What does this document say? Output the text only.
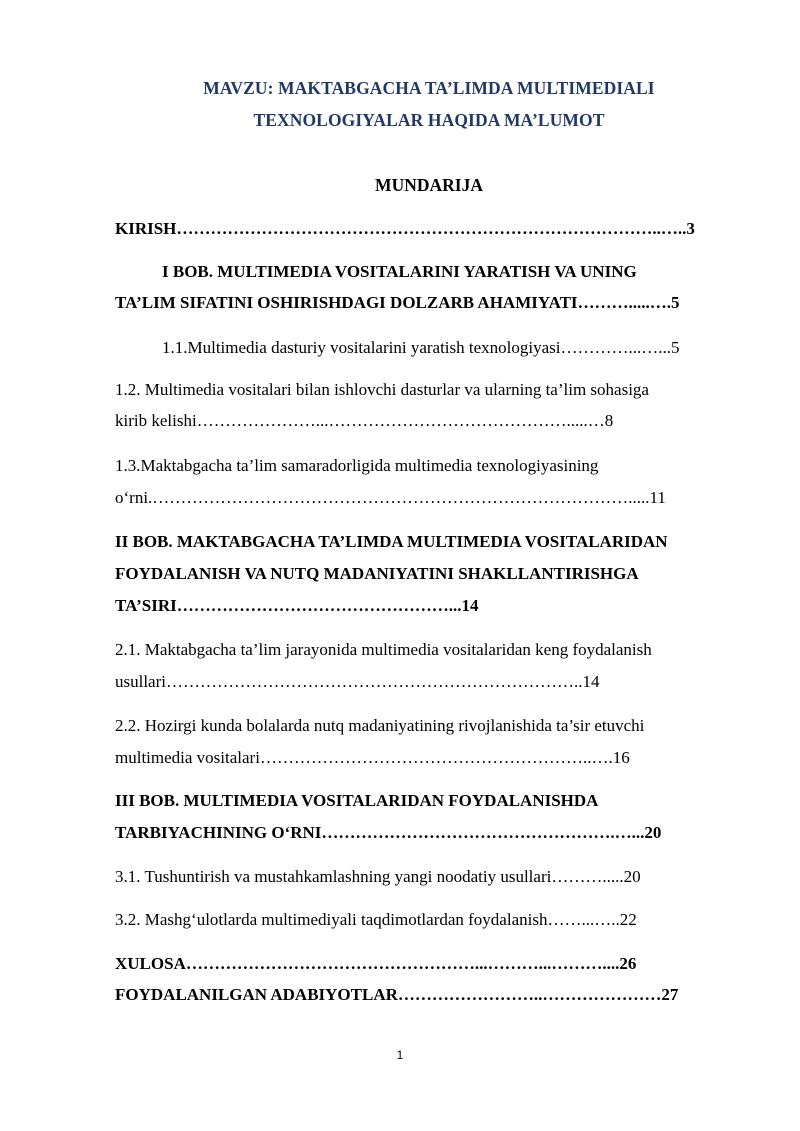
MAVZU: MAKTABGACHA TA’LIMDA MULTIMEDIALI
TEXNOLOGIYALAR HAQIDA MA’LUMOT
MUNDARIJA
KIRISH…………………………………………………………………………..…..3
I BOB. MULTIMEDIA VOSITALARINI YARATISH VA UNING
TA’LIM SIFATINI OSHIRISHDAGI DOLZARB AHAMIYATI……….....….5
1.1.Multimedia dasturiy vositalarini yaratish texnologiyasi…………...…...5
1.2. Multimedia vositalari bilan ishlovchi dasturlar va ularning ta’lim sohasiga
kirib kelishi…………………...…………………………………….....…8
1.3.Maktabgacha ta’lim samaradorligida multimedia texnologiyasining
o‘rni.………………………………………………………………………….....11
II BOB. MAKTABGACHA TA’LIMDA MULTIMEDIA VOSITALARIDAN
FOYDALANISH VA NUTQ MADANIYATINI SHAKLLANTIRISHGA
TA’SIRI…………………………………………...14
2.1. Maktabgacha ta’lim jarayonida multimedia vositalaridan keng foydalanish
usullari………………………………………………………………..14
2.2. Hozirgi kunda bolalarda nutq madaniyatining rivojlanishida ta’sir etuvchi
multimedia vositalari…………………………………………………..….16
III BOB. MULTIMEDIA VOSITALARIDAN FOYDALANISHDA
TARBIYACHINING O‘RNI…………………………………………….…...20
3.1. Tushuntirish va mustahkamlashning yangi noodatiy usullari……….....20
3.2. Mashg‘ulotlarda multimediyali taqdimotlardan foydalanish……...…..22
XULOSA……………………………………………...………...………....26
FOYDALANILGAN ADABIYOTLAR……………………..…………………27
1
